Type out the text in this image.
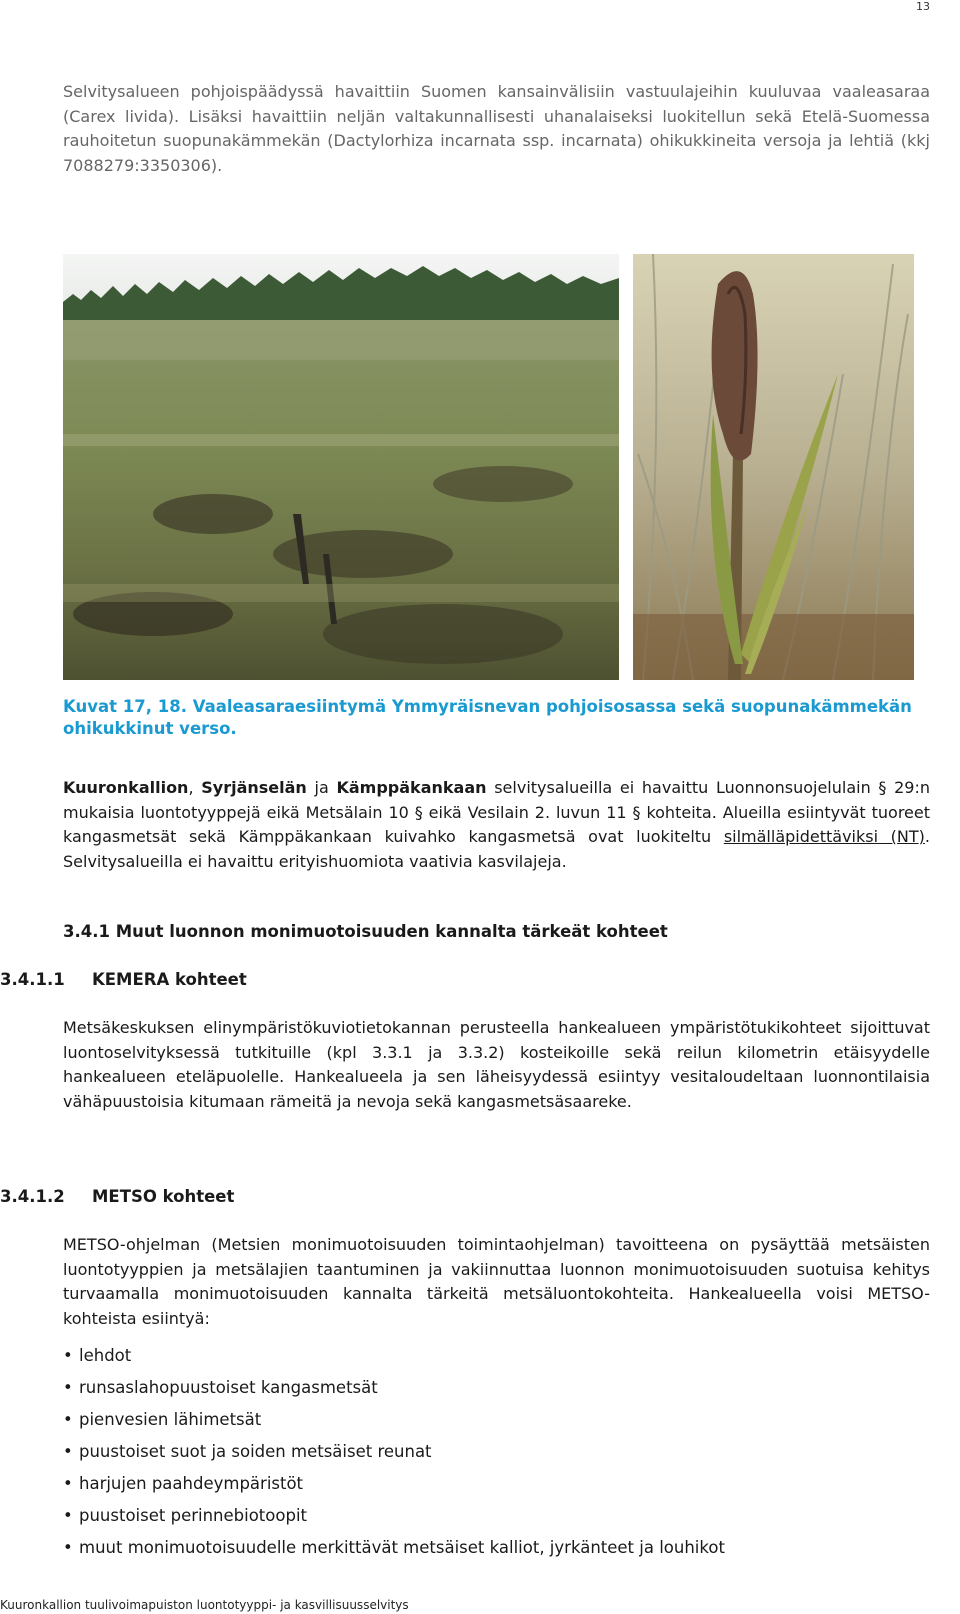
13

Selvitysalueen pohjoispäädyssä havaittiin Suomen kansainvälisiin vastuulajeihin kuuluvaa vaaleasaraa (Carex livida). Lisäksi havaittiin neljän valtakunnallisesti uhanalaiseksi luokitellun sekä Etelä-Suomessa rauhoitetun suopunakämmekän (Dactylorhiza incarnata ssp. incarnata) ohikukkineita versoja ja lehtiä (kkj 7088279:3350306).

Kuvat 17, 18. Vaaleasaraesiintymä Ymmyräisnevan pohjoisosassa sekä suopunakämmekän ohikukkinut verso.

Kuuronkallion, Syrjänselän ja Kämppäkankaan selvitysalueilla ei havaittu Luonnonsuojelulain § 29:n mukaisia luontotyyppejä eikä Metsälain 10 § eikä Vesilain 2. luvun 11 § kohteita. Alueilla esiintyvät tuoreet kangasmetsät sekä Kämppäkankaan kuivahko kangasmetsä ovat luokiteltu silmälläpidettäviksi (NT). Selvitysalueilla ei havaittu erityishuomiota vaativia kasvilajeja.

3.4.1 Muut luonnon monimuotoisuuden kannalta tärkeät kohteet
3.4.1.1 KEMERA kohteet

Metsäkeskuksen elinympäristökuviotietokannan perusteella hankealueen ympäristötukikohteet sijoittuvat luontoselvityksessä tutkituille (kpl 3.3.1 ja 3.3.2) kosteikoille sekä reilun kilometrin etäisyydelle hankealueen eteläpuolelle. Hankealueela ja sen läheisyydessä esiintyy vesitaloudeltaan luonnontilaisia vähäpuustoisia kitumaan rämeitä ja nevoja sekä kangasmetsäsaareke.

3.4.1.2 METSO kohteet

METSO-ohjelman (Metsien monimuotoisuuden toimintaohjelman) tavoitteena on pysäyttää metsäisten luontotyyppien ja metsälajien taantuminen ja vakiinnuttaa luonnon monimuotoisuuden suotuisa kehitys turvaamalla monimuotoisuuden kannalta tärkeitä metsäluontokohteita. Hankealueella voisi METSO-kohteista esiintyä:

• lehdot
• runsaslahopuustoiset kangasmetsät
• pienvesien lähimetsät
• puustoiset suot ja soiden metsäiset reunat
• harjujen paahdeympäristöt
• puustoiset perinnebiotoopit
• muut monimuotoisuudelle merkittävät metsäiset kalliot, jyrkänteet ja louhikot
Kuuronkallion tuulivoimapuiston luontotyyppi- ja kasvillisuusselvitys
